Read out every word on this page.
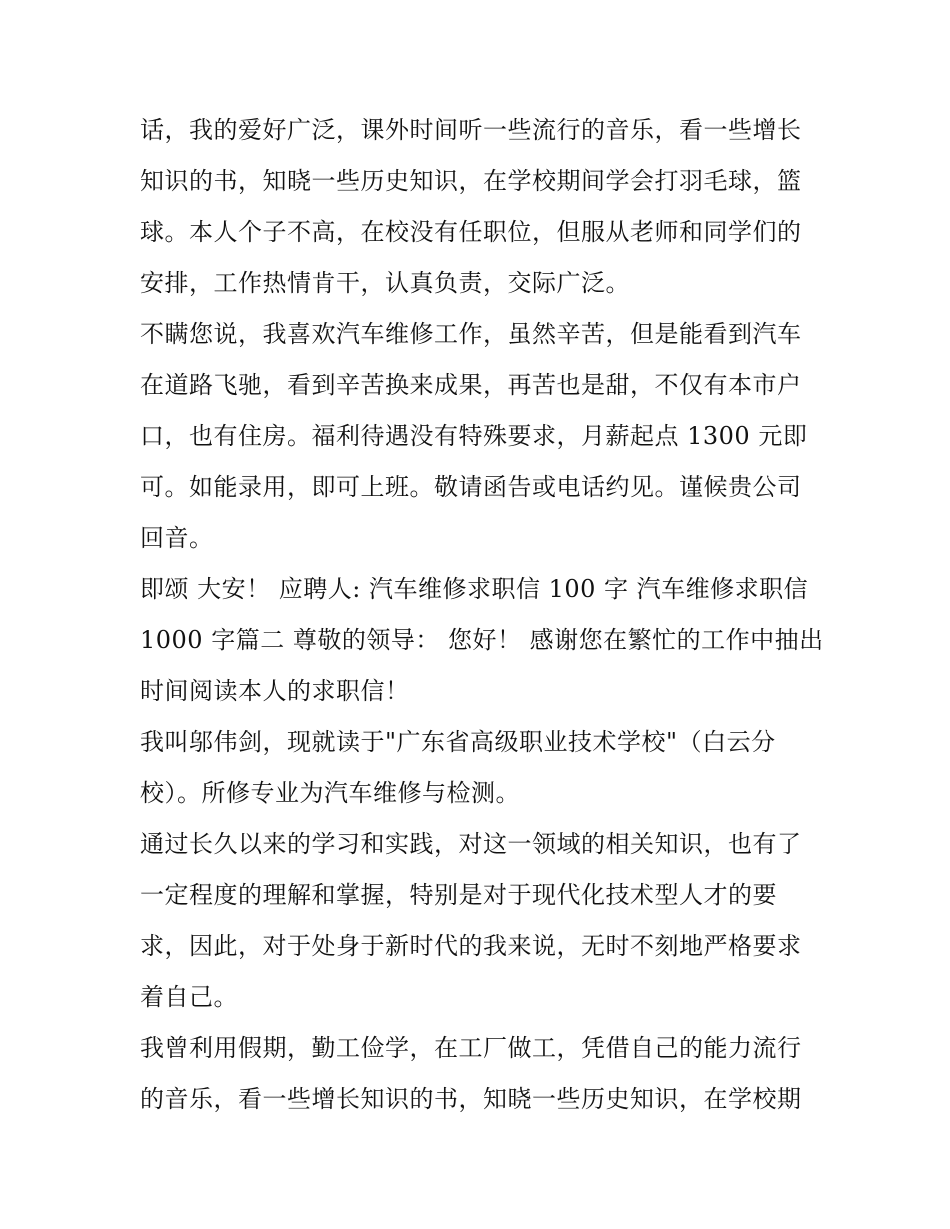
话，我的爱好广泛，课外时间听一些流行的音乐，看一些增长
知识的书，知晓一些历史知识，在学校期间学会打羽毛球，篮
球。本人个子不高，在校没有任职位，但服从老师和同学们的
安排，工作热情肯干，认真负责，交际广泛。
不瞒您说，我喜欢汽车维修工作，虽然辛苦，但是能看到汽车
在道路飞驰，看到辛苦换来成果，再苦也是甜，不仅有本市户
口，也有住房。福利待遇没有特殊要求，月薪起点 1300 元即
可。如能录用，即可上班。敬请函告或电话约见。谨候贵公司
回音。
即颂 大安！ 应聘人: 汽车维修求职信 100 字 汽车维修求职信
1000 字篇二 尊敬的领导： 您好！ 感谢您在繁忙的工作中抽出
时间阅读本人的求职信！
我叫邬伟剑，现就读于"广东省高级职业技术学校"（白云分
校）。所修专业为汽车维修与检测。
通过长久以来的学习和实践，对这一领域的相关知识，也有了
一定程度的理解和掌握，特别是对于现代化技术型人才的要
求，因此，对于处身于新时代的我来说，无时不刻地严格要求
着自己。
我曾利用假期，勤工俭学，在工厂做工，凭借自己的能力流行
的音乐，看一些增长知识的书，知晓一些历史知识，在学校期
